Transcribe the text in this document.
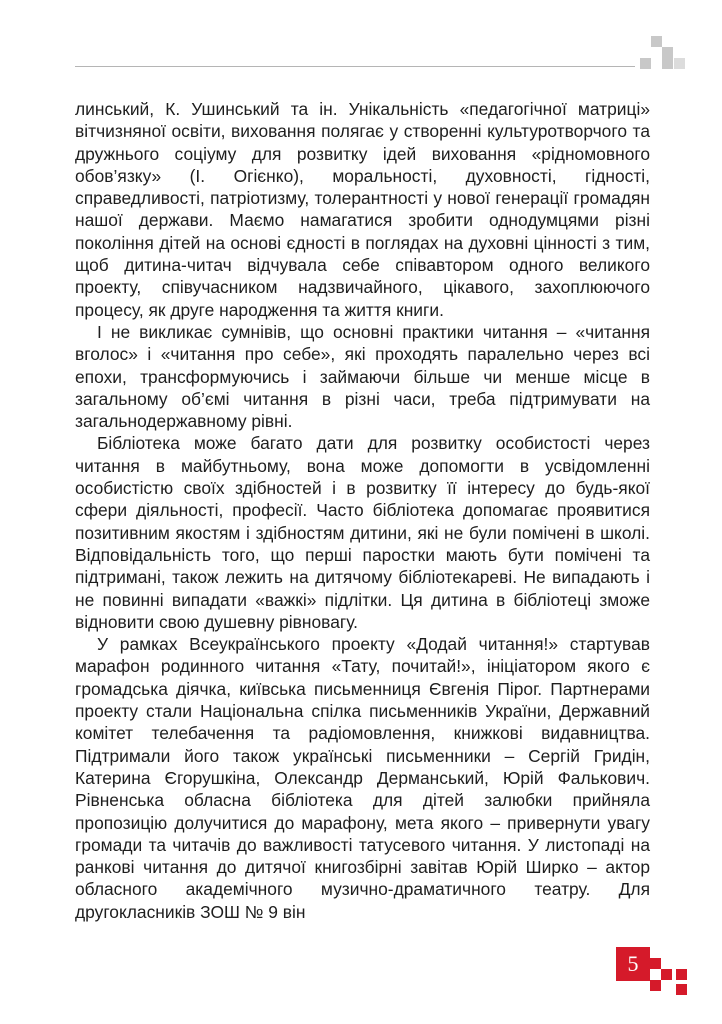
линський, К. Ушинський та ін. Унікальність «педагогічної матриці» вітчизняної освіти, виховання полягає у створенні культуротворчого та дружнього соціуму для розвитку ідей виховання «рідномовного обов’язку» (І. Огієнко), моральності, духовності, гідності, справедливості, патріотизму, толерантності у нової генерації громадян нашої держави. Маємо намагатися зробити однодумцями різні покоління дітей на основі єдності в поглядах на духовні цінності з тим, щоб дитина-читач відчувала себе співавтором одного великого проекту, співучасником надзвичайного, цікавого, захоплюючого процесу, як друге народження та життя книги.

І не викликає сумнівів, що основні практики читання – «читання вголос» і «читання про себе», які проходять паралельно через всі епохи, трансформуючись і займаючи більше чи менше місце в загальному об’ємі читання в різні часи, треба підтримувати на загальнодержавному рівні.

Бібліотека може багато дати для розвитку особистості через читання в майбутньому, вона може допомогти в усвідомленні особистістю своїх здібностей і в розвитку її інтересу до будь-якої сфери діяльності, професії. Часто бібліотека допомагає проявитися позитивним якостям і здібностям дитини, які не були помічені в школі. Відповідальність того, що перші паростки мають бути помічені та підтримані, також лежить на дитячому бібліотекареві. Не випадають і не повинні випадати «важкі» підлітки. Ця дитина в бібліотеці зможе відновити свою душевну рівновагу.

У рамках Всеукраїнського проекту «Додай читання!» стартував марафон родинного читання «Тату, почитай!», ініціатором якого є громадська діячка, київська письменниця Євгенія Пірог. Партнерами проекту стали Національна спілка письменників України, Державний комітет телебачення та радіомовлення, книжкові видавництва. Підтримали його також українські письменники – Сергій Гридін, Катерина Єгорушкіна, Олександр Дерманський, Юрій Фалькович. Рівненська обласна бібліотека для дітей залюбки прийняла пропозицію долучитися до марафону, мета якого – привернути увагу громади та читачів до важливості татусевого читання. У листопаді на ранкові читання до дитячої книгозбірні завітав Юрій Ширко – актор обласного академічного музично-драматичного театру. Для другокласників ЗОШ № 9 він

5
